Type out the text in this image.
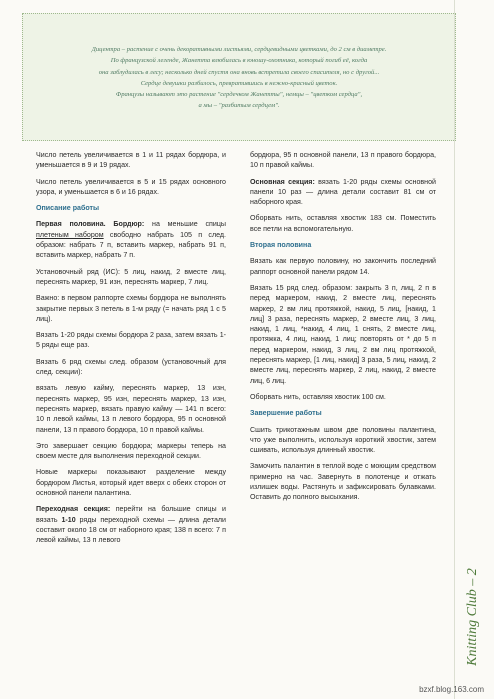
Дицентра – растение с очень декоративными листьями, сердцевидными цветками, до 2 см в диаметре.
По французской легенде, Жанетта влюбилась в юношу-охотника, который погиб её, когда
она заблудилась в лесу; несколько дней спустя она вновь встретила своего спасителя, но с другой...
Сердце девушки разбилось, превратившись в нежно-красный цветок.
Французы называют это растение "сердечком Жанетты", немцы – "цветком сердца",
а мы – "разбитым сердцем".

Число петель увеличивается в 1 и 11 рядах бордюра, и уменьшается в 9 и 19 рядах.

Число петель увеличивается в 5 и 15 рядах основного узора, и уменьшается в 6 и 16 рядах.

Описание работы

Первая половина. Бордюр: на меньшие спицы плетеным набором свободно набрать 105 п след. образом: набрать 7 п, вставить маркер, набрать 91 п, вставить маркер, набрать 7 п.

Установочный ряд (ИС): 5 лиц, накид, 2 вместе лиц, переснять маркер, 91 изн, переснять маркер, 7 лиц.

Важно: в первом раппорте схемы бордюра не выполнять закрытие первых 3 петель в 1-м ряду (= начать ряд 1 с 5 лиц).

Вязать 1-20 ряды схемы бордюра 2 раза, затем вязать 1-5 ряды еще раз.

Вязать 6 ряд схемы след. образом (установочный для след. секции):

вязать левую кайму, переснять маркер, 13 изн, переснять маркер, 95 изн, переснять маркер, 13 изн, переснять маркер, вязать правую кайму — 141 п всего: 10 п левой каймы, 13 п левого бордюра, 95 п основной панели, 13 п правого бордюра, 10 п правой каймы.

Это завершает секцию бордюра; маркеры теперь на своем месте для выполнения переходной секции.

Новые маркеры показывают разделение между бордюром Листья, который идет вверх с обеих сторон от основной панели палантина.

Переходная секция: перейти на большие спицы и вязать 1-10 ряды переходной схемы — длина детали составит около 18 см от наборного края; 138 п всего: 7 п левой каймы, 13 п левого

бордюра, 95 п основной панели, 13 п правого бордюра, 10 п правой каймы.

Основная секция: вязать 1-20 ряды схемы основной панели 10 раз — длина детали составит 81 см от наборного края.

Оборвать нить, оставляя хвостик 183 см. Поместить все петли на вспомогательную.

Вторая половина

Вязать как первую половину, но закончить последний раппорт основной панели рядом 14.

Вязать 15 ряд след. образом: закрыть 3 п, лиц, 2 п в перед маркером, накид, 2 вместе лиц, переснять маркер, 2 вм лиц протяжкой, накид, 5 лиц, [накид, 1 лиц] 3 раза, переснять маркер, 2 вместе лиц, 3 лиц, накид, 1 лиц, *накид, 4 лиц, 1 снять, 2 вместе лиц, протяжка, 4 лиц, накид, 1 лиц; повторять от * до 5 п перед маркером, накид, 3 лиц, 2 вм лиц протяжкой, переснять маркер, [1 лиц, накид] 3 раза, 5 лиц, накид, 2 вместе лиц, переснять маркер, 2 лиц, накид, 2 вместе лиц, 6 лиц.

Оборвать нить, оставляя хвостик 100 см.

Завершение работы

Сшить трикотажным швом две половины палантина, что уже выполнить, используя короткий хвостик, затем сшивать, используя длинный хвостик.

Замочить палантин в теплой воде с моющим средством примерно на час. Завернуть в полотенце и отжать излишек воды. Растянуть и зафиксировать булавками. Оставить до полного высыхания.

Knitting Club – 2
bzxf.blog.163.com
